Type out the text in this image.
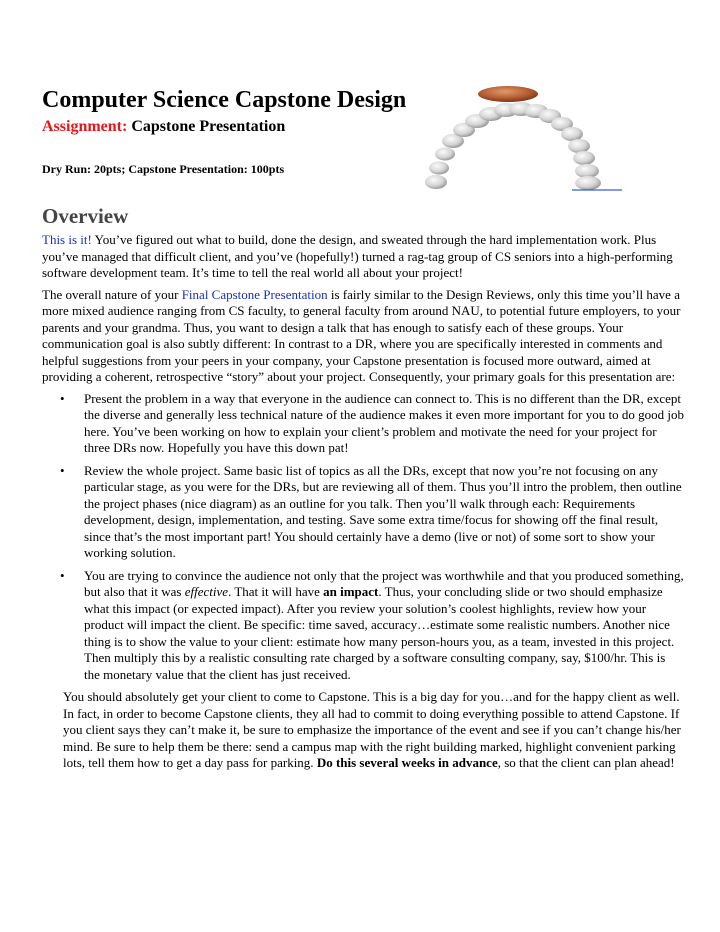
Computer Science Capstone Design
Assignment: Capstone Presentation
Dry Run: 20pts; Capstone Presentation: 100pts
Overview

This is it! You’ve figured out what to build, done the design, and sweated through the hard implementation work. Plus you’ve managed that difficult client, and you’ve (hopefully!) turned a rag-tag group of CS seniors into a high-performing software development team. It’s time to tell the real world all about your project!

The overall nature of your Final Capstone Presentation is fairly similar to the Design Reviews, only this time you’ll have a more mixed audience ranging from CS faculty, to general faculty from around NAU, to potential future employers, to your parents and your grandma. Thus, you want to design a talk that has enough to satisfy each of these groups. Your communication goal is also subtly different: In contrast to a DR, where you are specifically interested in comments and helpful suggestions from your peers in your company, your Capstone presentation is focused more outward, aimed at providing a coherent, retrospective “story” about your project. Consequently, your primary goals for this presentation are:

• Present the problem in a way that everyone in the audience can connect to. This is no different than the DR, except the diverse and generally less technical nature of the audience makes it even more important for you to do good job here. You’ve been working on how to explain your client’s problem and motivate the need for your project for three DRs now. Hopefully you have this down pat!
• Review the whole project. Same basic list of topics as all the DRs, except that now you’re not focusing on any particular stage, as you were for the DRs, but are reviewing all of them. Thus you’ll intro the problem, then outline the project phases (nice diagram) as an outline for you talk. Then you’ll walk through each: Requirements development, design, implementation, and testing. Save some extra time/focus for showing off the final result, since that’s the most important part! You should certainly have a demo (live or not) of some sort to show your working solution.
• You are trying to convince the audience not only that the project was worthwhile and that you produced something, but also that it was effective. That it will have an impact. Thus, your concluding slide or two should emphasize what this impact (or expected impact). After you review your solution’s coolest highlights, review how your product will impact the client. Be specific: time saved, accuracy…estimate some realistic numbers. Another nice thing is to show the value to your client: estimate how many person-hours you, as a team, invested in this project. Then multiply this by a realistic consulting rate charged by a software consulting company, say, $100/hr. This is the monetary value that the client has just received.

You should absolutely get your client to come to Capstone. This is a big day for you…and for the happy client as well. In fact, in order to become Capstone clients, they all had to commit to doing everything possible to attend Capstone. If you client says they can’t make it, be sure to emphasize the importance of the event and see if you can’t change his/her mind. Be sure to help them be there: send a campus map with the right building marked, highlight convenient parking lots, tell them how to get a day pass for parking. Do this several weeks in advance, so that the client can plan ahead!
